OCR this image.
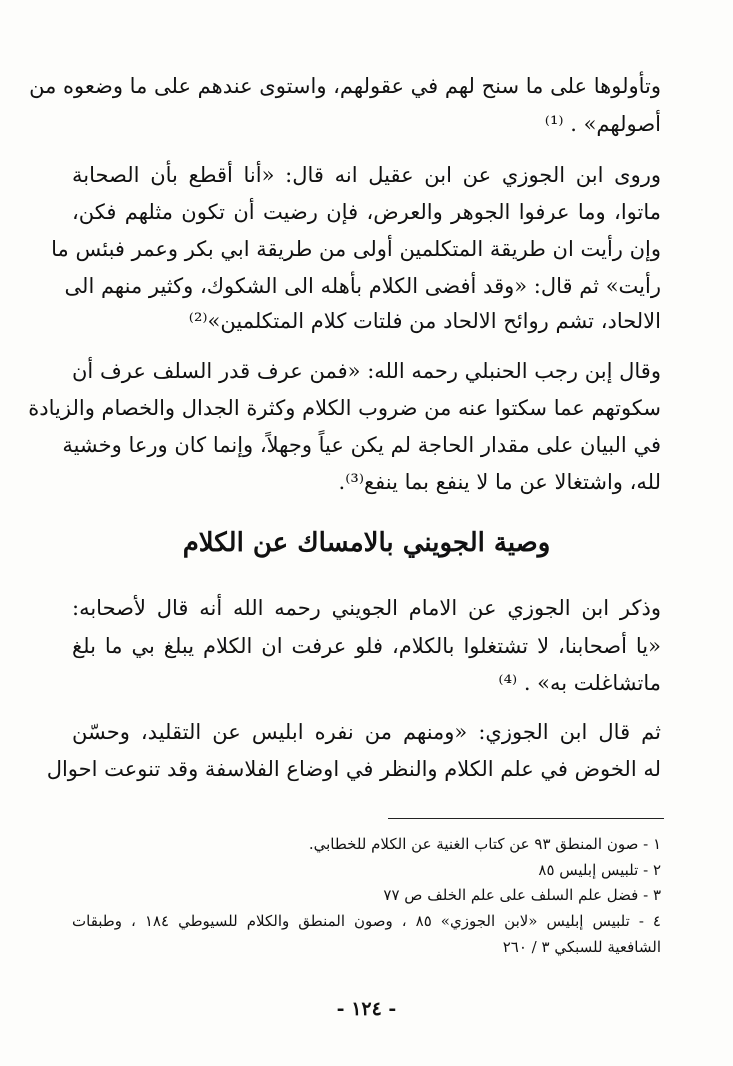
وتأولوها على ما سنح لهم في عقولهم، واستوى عندهم على ما وضعوه من
أصولهم» . ⁽¹⁾
وروى ابن الجوزي عن ابن عقيل انه قال: «أنا أقطع بأن الصحابة
ماتوا، وما عرفوا الجوهر والعرض، فإن رضيت أن تكون مثلهم فكن،
وإن رأيت ان طريقة المتكلمين أولى من طريقة ابي بكر وعمر فبئس ما
رأيت» ثم قال: «وقد أفضى الكلام بأهله الى الشكوك، وكثير منهم الى
الالحاد، تشم روائح الالحاد من فلتات كلام المتكلمين»⁽²⁾
وقال إبن رجب الحنبلي رحمه الله: «فمن عرف قدر السلف عرف أن
سكوتهم عما سكتوا عنه من ضروب الكلام وكثرة الجدال والخصام والزيادة
في البيان على مقدار الحاجة لم يكن عياً وجهلاً، وإنما كان ورعا وخشية
لله، واشتغالا عن ما لا ينفع بما ينفع⁽³⁾.
وصية الجويني بالامساك عن الكلام
وذكر ابن الجوزي عن الامام الجويني رحمه الله أنه قال لأصحابه:
«يا أصحابنا، لا تشتغلوا بالكلام، فلو عرفت ان الكلام يبلغ بي ما بلغ
ماتشاغلت به» . ⁽⁴⁾
ثم قال ابن الجوزي: «ومنهم من نفره ابليس عن التقليد، وحسّن
له الخوض في علم الكلام والنظر في اوضاع الفلاسفة وقد تنوعت احوال
١ - صون المنطق ٩٣ عن كتاب الغنية عن الكلام للخطابي.
٢ - تلبيس إبليس ٨٥
٣ - فضل علم السلف على علم الخلف ص ٧٧
٤ - تلبيس إبليس «لابن الجوزي» ٨٥ ، وصون المنطق والكلام للسيوطي ١٨٤ ، وطبقات
الشافعية للسبكي ٣ / ٢٦٠
- ١٢٤ -
